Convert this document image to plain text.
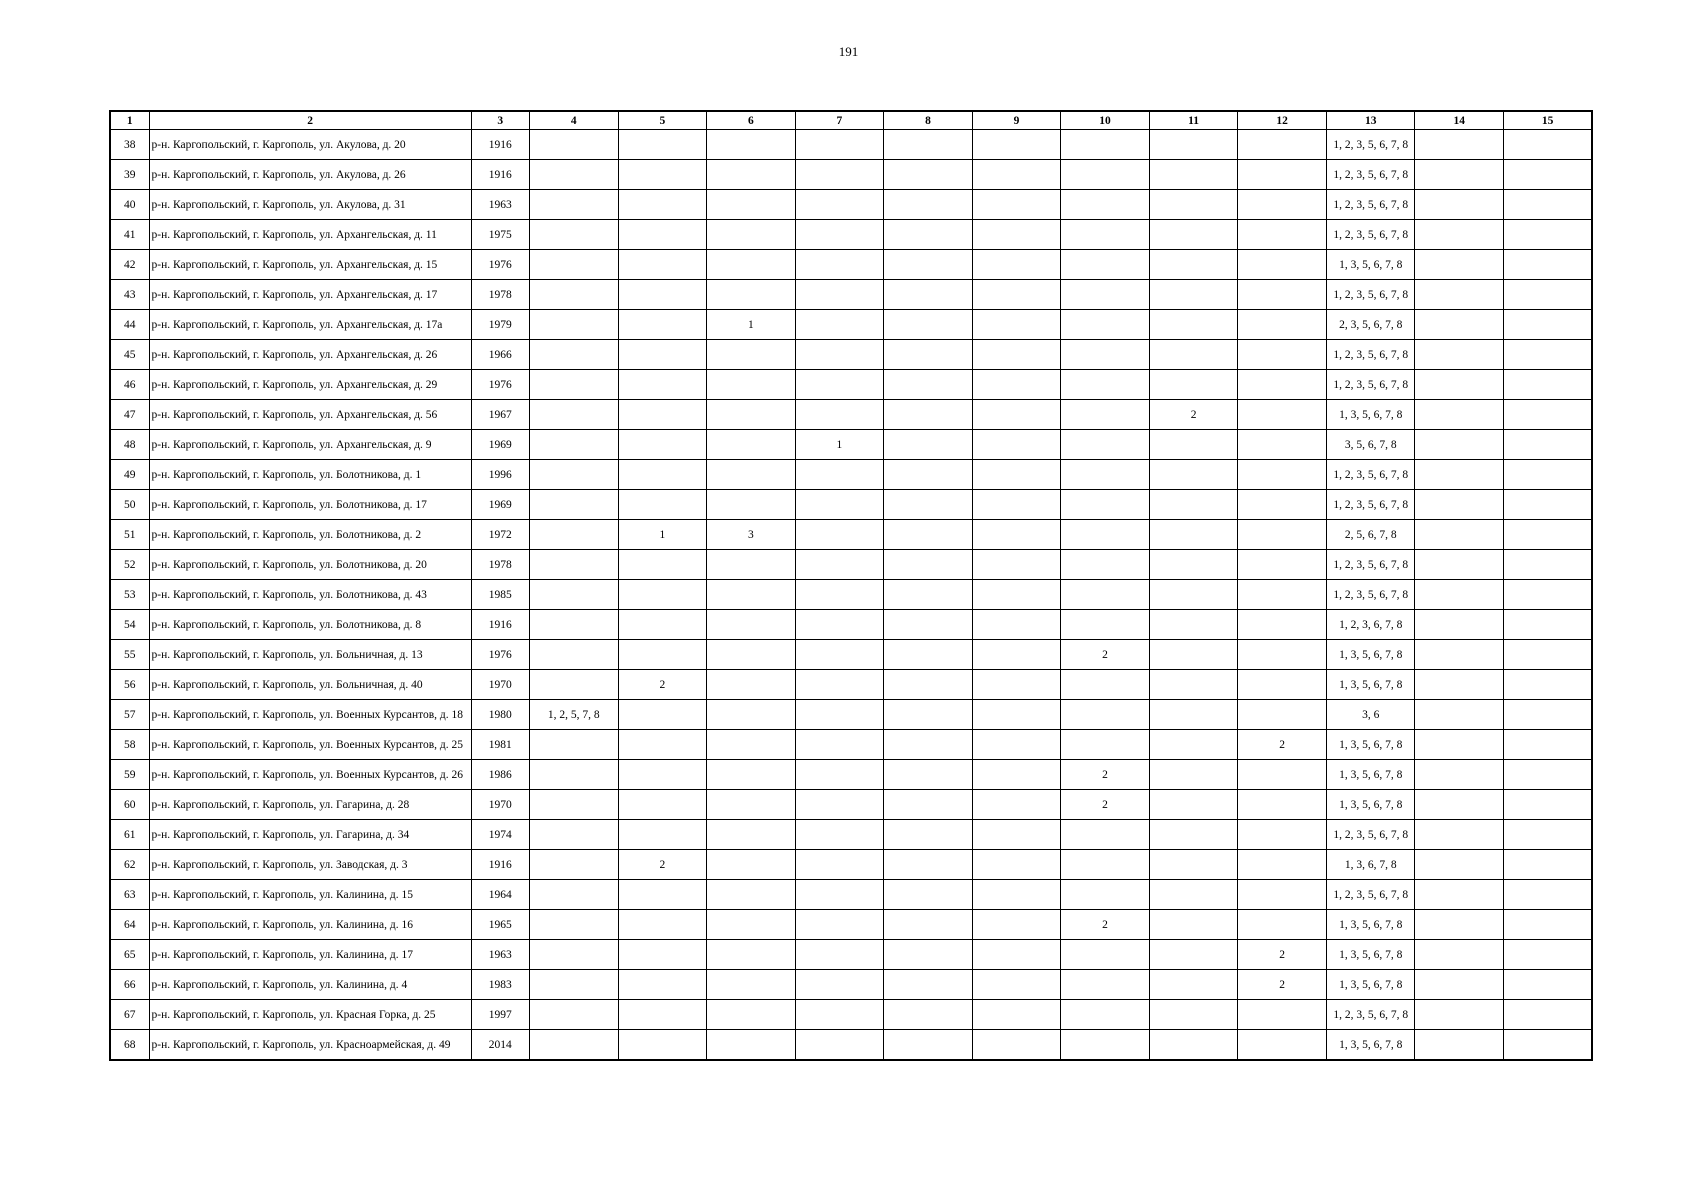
191
1	2	3	4	5	6	7	8	9	10	11	12	13	14	15
38	р-н. Каргопольский, г. Каргополь, ул. Акулова, д. 20	1916										1, 2, 3, 5, 6, 7, 8		
39	р-н. Каргопольский, г. Каргополь, ул. Акулова, д. 26	1916										1, 2, 3, 5, 6, 7, 8		
40	р-н. Каргопольский, г. Каргополь, ул. Акулова, д. 31	1963										1, 2, 3, 5, 6, 7, 8		
41	р-н. Каргопольский, г. Каргополь, ул. Архангельская, д. 11	1975										1, 2, 3, 5, 6, 7, 8		
42	р-н. Каргопольский, г. Каргополь, ул. Архангельская, д. 15	1976										1, 3, 5, 6, 7, 8		
43	р-н. Каргопольский, г. Каргополь, ул. Архангельская, д. 17	1978										1, 2, 3, 5, 6, 7, 8		
44	р-н. Каргопольский, г. Каргополь, ул. Архангельская, д. 17а	1979			1							2, 3, 5, 6, 7, 8		
45	р-н. Каргопольский, г. Каргополь, ул. Архангельская, д. 26	1966										1, 2, 3, 5, 6, 7, 8		
46	р-н. Каргопольский, г. Каргополь, ул. Архангельская, д. 29	1976										1, 2, 3, 5, 6, 7, 8		
47	р-н. Каргопольский, г. Каргополь, ул. Архангельская, д. 56	1967								2		1, 3, 5, 6, 7, 8		
48	р-н. Каргопольский, г. Каргополь, ул. Архангельская, д. 9	1969				1						3, 5, 6, 7, 8		
49	р-н. Каргопольский, г. Каргополь, ул. Болотникова, д. 1	1996										1, 2, 3, 5, 6, 7, 8		
50	р-н. Каргопольский, г. Каргополь, ул. Болотникова, д. 17	1969										1, 2, 3, 5, 6, 7, 8		
51	р-н. Каргопольский, г. Каргополь, ул. Болотникова, д. 2	1972		1	3							2, 5, 6, 7, 8		
52	р-н. Каргопольский, г. Каргополь, ул. Болотникова, д. 20	1978										1, 2, 3, 5, 6, 7, 8		
53	р-н. Каргопольский, г. Каргополь, ул. Болотникова, д. 43	1985										1, 2, 3, 5, 6, 7, 8		
54	р-н. Каргопольский, г. Каргополь, ул. Болотникова, д. 8	1916										1, 2, 3, 6, 7, 8		
55	р-н. Каргопольский, г. Каргополь, ул. Больничная, д. 13	1976							2			1, 3, 5, 6, 7, 8		
56	р-н. Каргопольский, г. Каргополь, ул. Больничная, д. 40	1970		2								1, 3, 5, 6, 7, 8		
57	р-н. Каргопольский, г. Каргополь, ул. Военных Курсантов, д. 18	1980	1, 2, 5, 7, 8									3, 6		
58	р-н. Каргопольский, г. Каргополь, ул. Военных Курсантов, д. 25	1981									2	1, 3, 5, 6, 7, 8		
59	р-н. Каргопольский, г. Каргополь, ул. Военных Курсантов, д. 26	1986							2			1, 3, 5, 6, 7, 8		
60	р-н. Каргопольский, г. Каргополь, ул. Гагарина, д. 28	1970							2			1, 3, 5, 6, 7, 8		
61	р-н. Каргопольский, г. Каргополь, ул. Гагарина, д. 34	1974										1, 2, 3, 5, 6, 7, 8		
62	р-н. Каргопольский, г. Каргополь, ул. Заводская, д. 3	1916		2								1, 3, 6, 7, 8		
63	р-н. Каргопольский, г. Каргополь, ул. Калинина, д. 15	1964										1, 2, 3, 5, 6, 7, 8		
64	р-н. Каргопольский, г. Каргополь, ул. Калинина, д. 16	1965							2			1, 3, 5, 6, 7, 8		
65	р-н. Каргопольский, г. Каргополь, ул. Калинина, д. 17	1963									2	1, 3, 5, 6, 7, 8		
66	р-н. Каргопольский, г. Каргополь, ул. Калинина, д. 4	1983									2	1, 3, 5, 6, 7, 8		
67	р-н. Каргопольский, г. Каргополь, ул. Красная Горка, д. 25	1997										1, 2, 3, 5, 6, 7, 8		
68	р-н. Каргопольский, г. Каргополь, ул. Красноармейская, д. 49	2014										1, 3, 5, 6, 7, 8		
